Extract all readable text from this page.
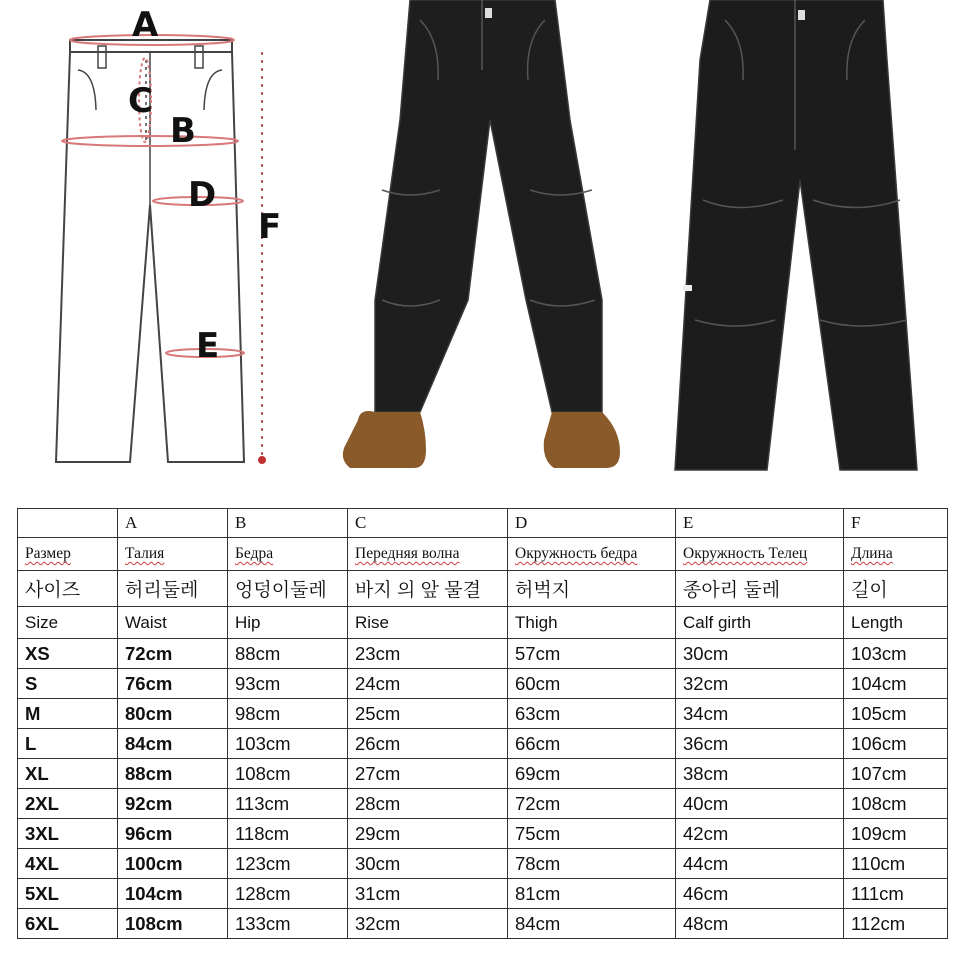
A
C
B
D
F
E
	A	B	C	D	E	F
Размер	Талия	Бедра	Передняя волна	Окружность бедра	Окружность Телец	Длина
사이즈	허리둘레	엉덩이둘레	바지 의 앞 물결	허벅지	종아리 둘레	길이
Size	Waist	Hip	Rise	Thigh	Calf girth	Length
XS	72cm	88cm	23cm	57cm	30cm	103cm
S	76cm	93cm	24cm	60cm	32cm	104cm
M	80cm	98cm	25cm	63cm	34cm	105cm
L	84cm	103cm	26cm	66cm	36cm	106cm
XL	88cm	108cm	27cm	69cm	38cm	107cm
2XL	92cm	113cm	28cm	72cm	40cm	108cm
3XL	96cm	118cm	29cm	75cm	42cm	109cm
4XL	100cm	123cm	30cm	78cm	44cm	110cm
5XL	104cm	128cm	31cm	81cm	46cm	111cm
6XL	108cm	133cm	32cm	84cm	48cm	112cm
